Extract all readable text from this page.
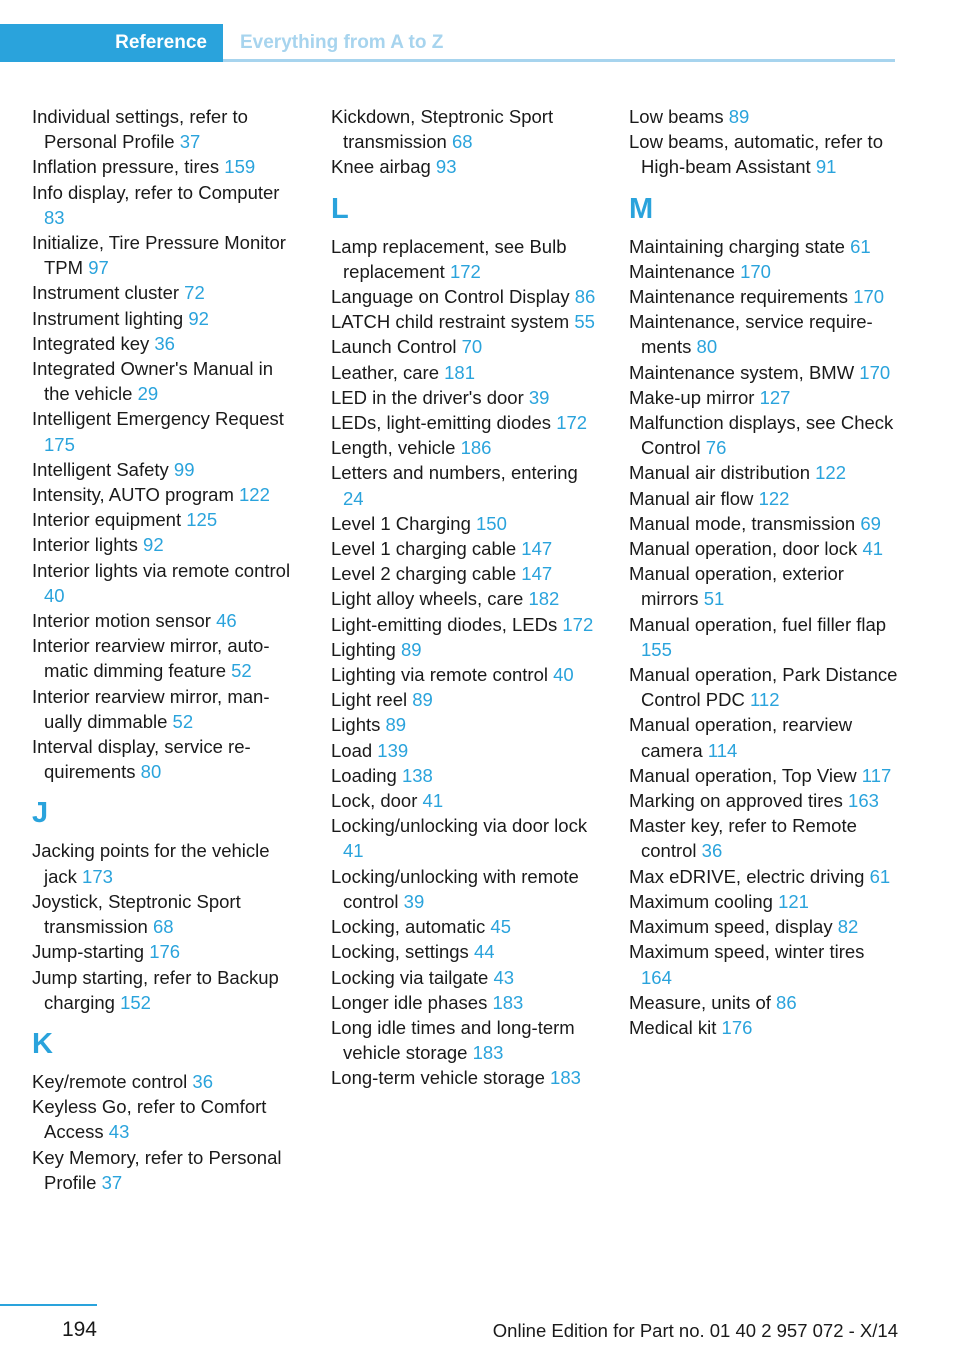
Reference Everything from A to Z
Individual settings, refer to Personal Profile 37
Inflation pressure, tires 159
Info display, refer to Computer 83
Initialize, Tire Pressure Monitor TPM 97
Instrument cluster 72
Instrument lighting 92
Integrated key 36
Integrated Owner's Manual in the vehicle 29
Intelligent Emergency Request 175
Intelligent Safety 99
Intensity, AUTO program 122
Interior equipment 125
Interior lights 92
Interior lights via remote control 40
Interior motion sensor 46
Interior rearview mirror, automatic dimming feature 52
Interior rearview mirror, manually dimmable 52
Interval display, service requirements 80
J
Jacking points for the vehicle jack 173
Joystick, Steptronic Sport transmission 68
Jump-starting 176
Jump starting, refer to Backup charging 152
K
Key/remote control 36
Keyless Go, refer to Comfort Access 43
Key Memory, refer to Personal Profile 37
Kickdown, Steptronic Sport transmission 68
Knee airbag 93
L
Lamp replacement, see Bulb replacement 172
Language on Control Display 86
LATCH child restraint system 55
Launch Control 70
Leather, care 181
LED in the driver's door 39
LEDs, light-emitting diodes 172
Length, vehicle 186
Letters and numbers, entering 24
Level 1 Charging 150
Level 1 charging cable 147
Level 2 charging cable 147
Light alloy wheels, care 182
Light-emitting diodes, LEDs 172
Lighting 89
Lighting via remote control 40
Light reel 89
Lights 89
Load 139
Loading 138
Lock, door 41
Locking/unlocking via door lock 41
Locking/unlocking with remote control 39
Locking, automatic 45
Locking, settings 44
Locking via tailgate 43
Longer idle phases 183
Long idle times and long-term vehicle storage 183
Long-term vehicle storage 183
Low beams 89
Low beams, automatic, refer to High-beam Assistant 91
M
Maintaining charging state 61
Maintenance 170
Maintenance requirements 170
Maintenance, service requirements 80
Maintenance system, BMW 170
Make-up mirror 127
Malfunction displays, see Check Control 76
Manual air distribution 122
Manual air flow 122
Manual mode, transmission 69
Manual operation, door lock 41
Manual operation, exterior mirrors 51
Manual operation, fuel filler flap 155
Manual operation, Park Distance Control PDC 112
Manual operation, rearview camera 114
Manual operation, Top View 117
Marking on approved tires 163
Master key, refer to Remote control 36
Max eDRIVE, electric driving 61
Maximum cooling 121
Maximum speed, display 82
Maximum speed, winter tires 164
Measure, units of 86
Medical kit 176
194	Online Edition for Part no. 01 40 2 957 072 - X/14
